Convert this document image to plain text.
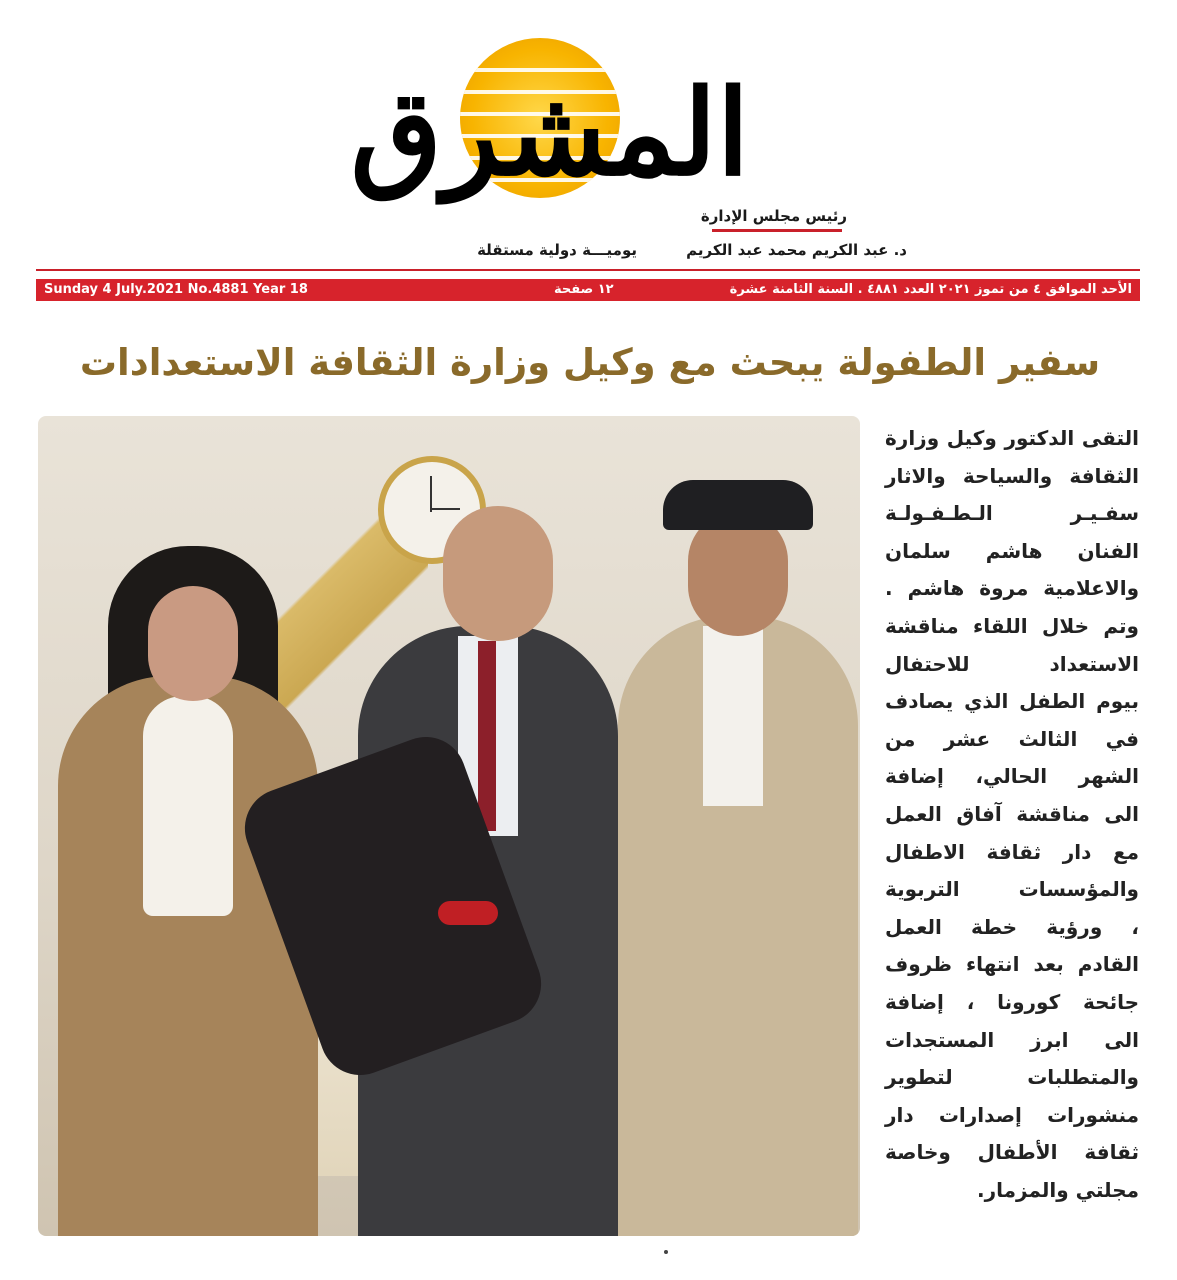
المشرق
رئيس مجلس الإدارة
د. عبد الكريم محمد عبد الكريم
يوميـــة دولية مستقلة
Sunday 4 July.2021 No.4881 Year 18	١٢ صفحة	الأحد الموافق ٤ من تموز ٢٠٢١ العدد ٤٨٨١ . السنة الثامنة عشرة
سفير الطفولة يبحث مع وكيل وزارة الثقافة الاستعدادات
التقى الدكتور وكيل وزارة
الثقافة والسياحة والاثار
سفـيـر الـطـفـولـة
الفنان هاشم سلمان
والاعلامية مروة هاشم .
وتم خلال اللقاء مناقشة
الاستعداد للاحتفال
بيوم الطفل الذي يصادف
في الثالث عشر من
الشهر الحالي، إضافة
الى مناقشة آفاق العمل
مع دار ثقافة الاطفال
والمؤسسات التربوية
، ورؤية خطة العمل
القادم بعد انتهاء ظروف
جائحة كورونا ، إضافة
الى ابرز المستجدات
والمتطلبات لتطوير
منشورات إصدارات دار
ثقافة الأطفال وخاصة
مجلتي والمزمار.
